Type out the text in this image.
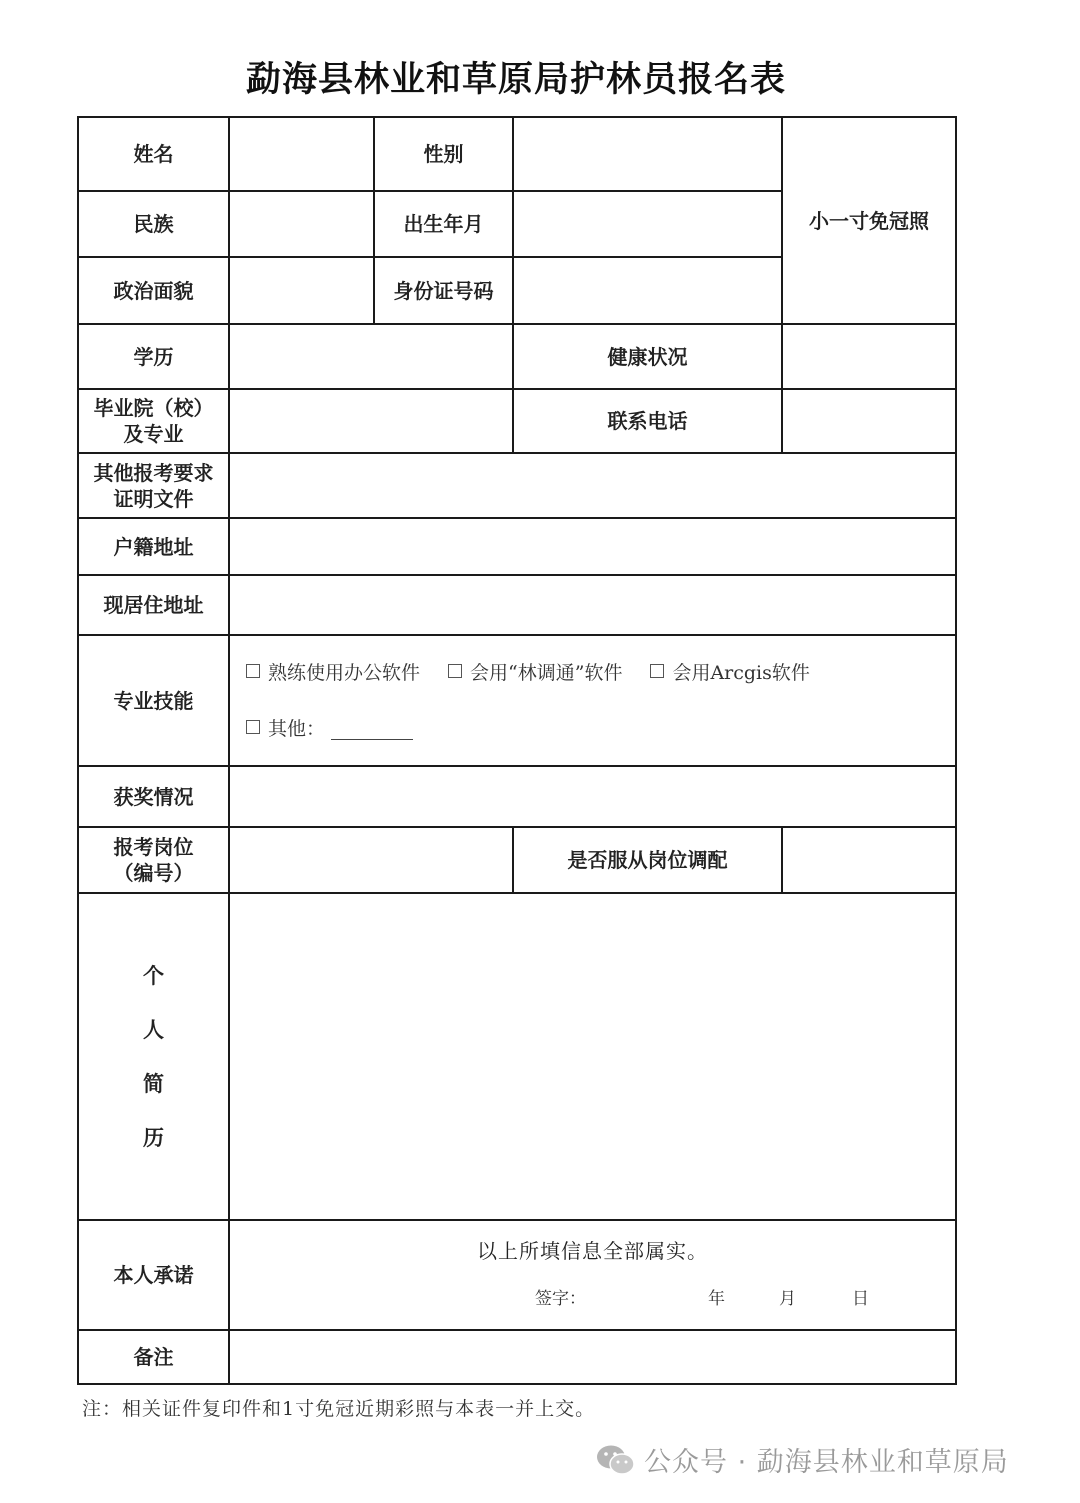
勐海县林业和草原局护林员报名表
姓名		性别		小一寸免冠照
民族		出生年月		
政治面貌		身份证号码		
学历			健康状况	

毕业院（校）
及专业			联系电话	

其他报考要求
证明文件				

户籍地址				
现居住地址				
专业技能	熟练使用办公软件 会用“林调通”软件 会用Arcgis软件
其他：			

获奖情况				

报考岗位
（编号）			是否服从岗位调配	

个
人
简
历				

本人承诺	以上所填信息全部属实。
签字： 年 月 日			

备注				
注：相关证件复印件和1寸免冠近期彩照与本表一并上交。
公众号 · 勐海县林业和草原局
